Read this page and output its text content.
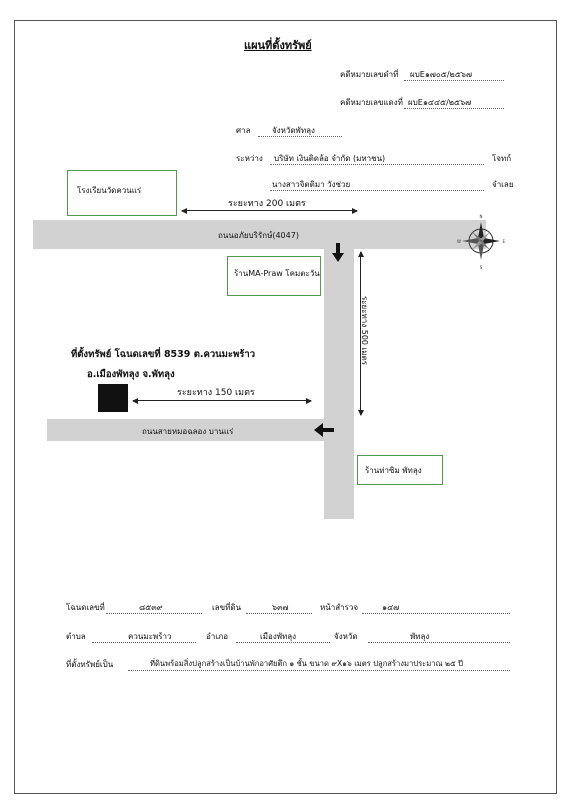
แผนที่ตั้งทรัพย์
คดีหมายเลขดำที่ ผบE๑๗๐๕/๒๕๖๗
คดีหมายเลขแดงที่ ผบE๑๔๔๕/๒๕๖๗
ศาล	จังหวัดพัทลุง
ระหว่าง บริษัท เงินติดล้อ จำกัด (มหาชน)	โจทก์
นางสาวจิตติมา วังช่วย	จำเลย
ถนนอภัยบริรักษ์(4047)
ถนนสายหมอฉลอง บานแร่
โรงเรียนวัดควนแร่
ระยะทาง 200 เมตร
ร้านMA-Praw โคมตะวัน
ระยะทาง 500 เมตร
ที่ตั้งทรัพย์ โฉนดเลขที่ 8539 ต.ควนมะพร้าว
อ.เมืองพัทลุง จ.พัทลุง
ระยะทาง 150 เมตร
ร้านท่าซิม พัทลุง
N
S
E
W
โฉนดเลขที่	๘๕๓๙	เลขที่ดิน	๖๓๗	หน้าสำรวจ	๑๔๗
ตำบล	ควนมะพร้าว	อำเภอ	เมืองพัทลุง	จังหวัด	พัทลุง
ที่ตั้งทรัพย์เป็น	ที่ดินพร้อมสิ่งปลูกสร้างเป็นบ้านพักอาศัยตึก ๑ ชั้น ขนาด ๙X๑๖ เมตร ปลูกสร้างมาประมาณ ๒๕ ปี
